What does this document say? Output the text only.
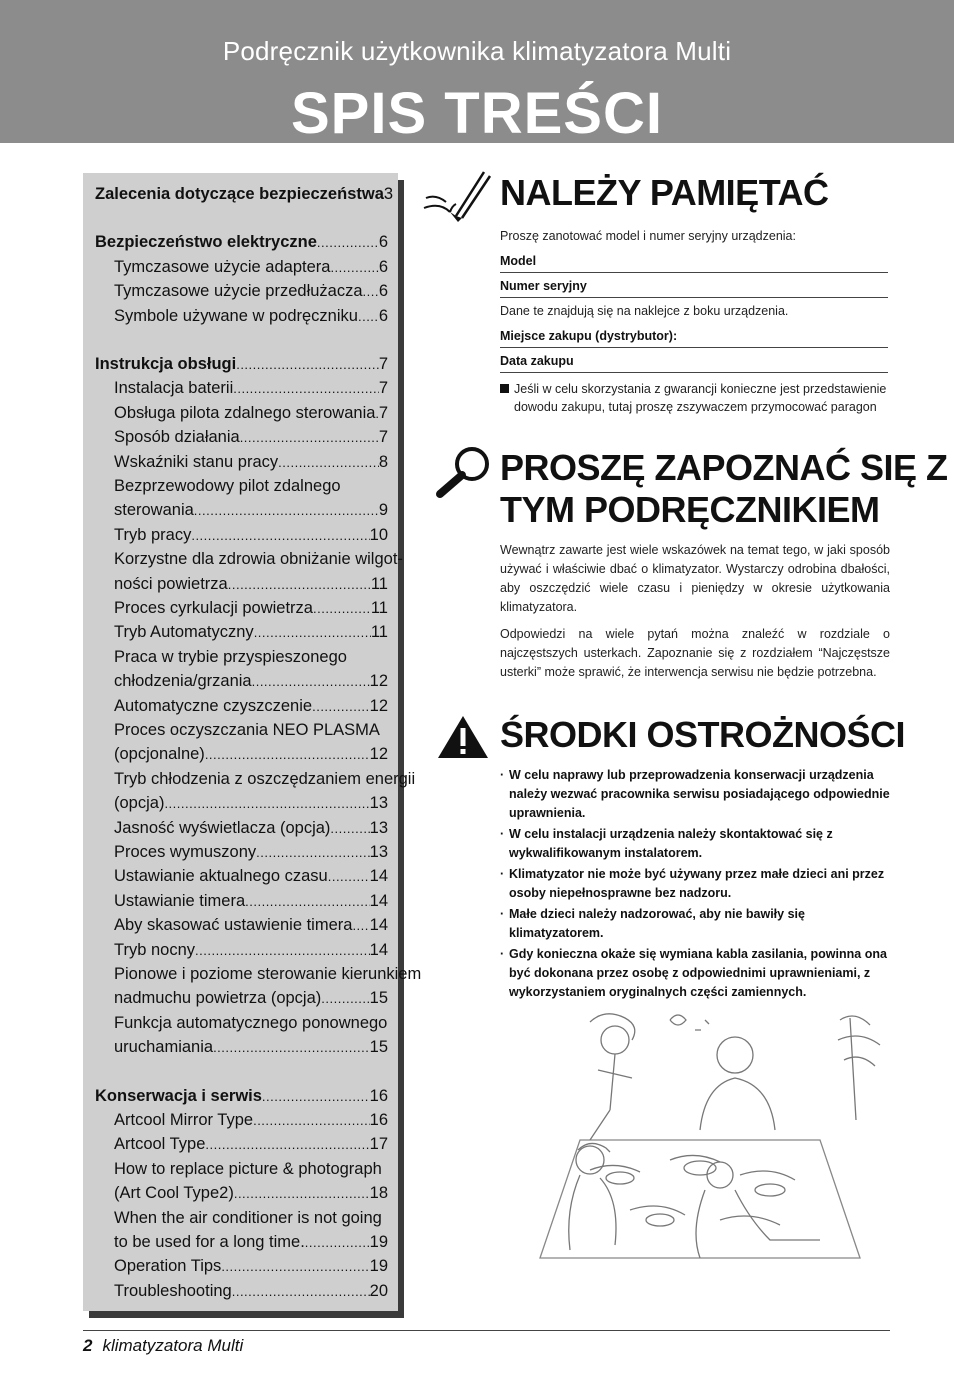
Podręcznik użytkownika klimatyzatora Multi
SPIS TREŚCI
Zalecenia dotyczące bezpieczeństwa 3
Bezpieczeństwo elektryczne .....	6
Tymczasowe użycie adaptera .....	6
Tymczasowe użycie przedłużacza ..... 6
Symbole używane w podręczniku ..... 6
Instrukcja obsługi .....	7
Instalacja baterii .....	7
Obsługa pilota zdalnego sterowania ..... 7
Sposób działania .....	7
Wskaźniki stanu pracy .....	8
Bezprzewodowy pilot zdalnego
sterowania .....	9
Tryb pracy .....	10
Korzystne dla zdrowia obniżanie wilgot-
ności powietrza .....	11
Proces cyrkulacji powietrza .....	11
Tryb Automatyczny .....	11
Praca w trybie przyspieszonego
chłodzenia/grzania .....	12
Automatyczne czyszczenie .....	12
Proces oczyszczania NEO PLASMA
(opcjonalne) .....	12
Tryb chłodzenia z oszczędzaniem energii
(opcja) .....	13
Jasność wyświetlacza (opcja) ..... 13
Proces wymuszony .....	13
Ustawianie aktualnego czasu .....	14
Ustawianie timera .....	14
Aby skasować ustawienie timera ..... 14
Tryb nocny .....	14
Pionowe i poziome sterowanie kierunkiem
nadmuchu powietrza (opcja) .....	15
Funkcja automatycznego ponownego
uruchamiania .....	15
Konserwacja i serwis .....	16
Artcool Mirror Type .....	16
Artcool Type .....	17
How to replace picture & photograph
(Art Cool Type2) .....	18
When the air conditioner is not going
to be used for a long time. .....	19
Operation Tips .....	19
Troubleshooting .....	20
NALEŻY PAMIĘTAĆ
Proszę zanotować model i numer seryjny urządzenia:
Model
Numer seryjny
Dane te znajdują się na naklejce z boku urządzenia.
Miejsce zakupu (dystrybutor):
Data zakupu
Jeśli w celu skorzystania z gwarancji konieczne jest przedstawienie dowodu zakupu, tutaj proszę zszywaczem przymocować paragon
PROSZĘ ZAPOZNAĆ SIĘ Z
TYM PODRĘCZNIKIEM
Wewnątrz zawarte jest wiele wskazówek na temat tego, w jaki sposób używać i właściwie dbać o klimatyzator. Wystarczy odrobina dbałości, aby oszczędzić wiele czasu i pieniędzy w okresie użytkowania klimatyzatora.
Odpowiedzi na wiele pytań można znaleźć w rozdziale o najczęstszych usterkach. Zapoznanie się z rozdziałem “Najczęstsze usterki” może sprawić, że interwencja serwisu nie będzie potrzebna.
ŚRODKI OSTROŻNOŚCI
· W celu naprawy lub przeprowadzenia konserwacji urządzenia należy wezwać pracownika serwisu posiadającego odpowiednie uprawnienia.
· W celu instalacji urządzenia należy skontaktować się z wykwalifikowanym instalatorem.
· Klimatyzator nie może być używany przez małe dzieci ani przez osoby niepełnosprawne bez nadzoru.
· Małe dzieci należy nadzorować, aby nie bawiły się klimatyzatorem.
· Gdy konieczna okaże się wymiana kabla zasilania, powinna ona być dokonana przez osobę z odpowiednimi uprawnieniami, z wykorzystaniem oryginalnych części zamiennych.
2 klimatyzatora Multi
